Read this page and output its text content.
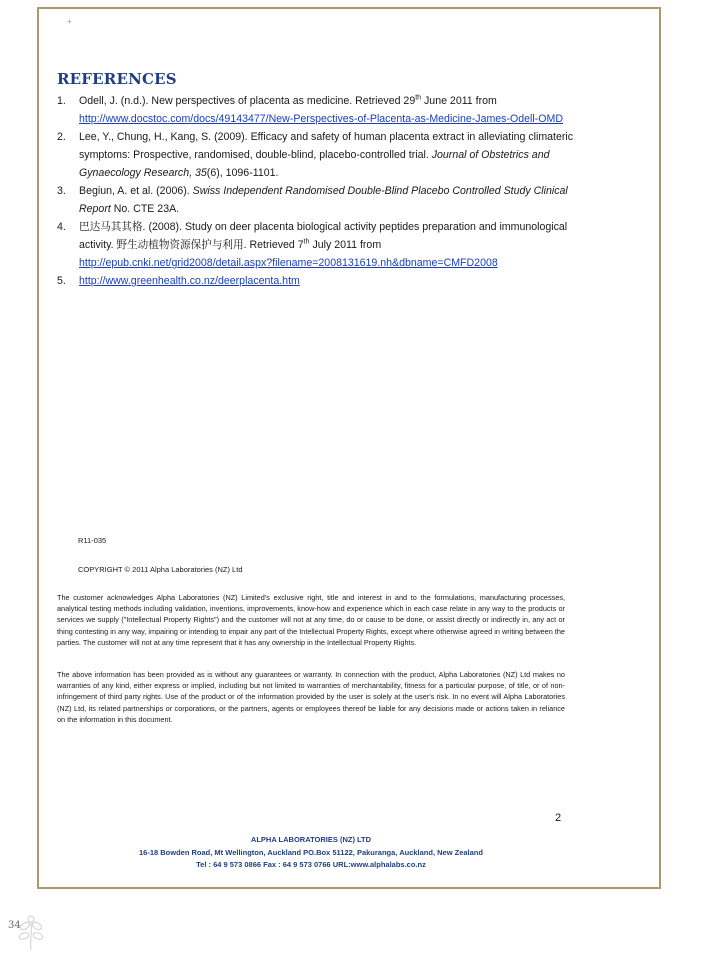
+
REFERENCES
1. Odell, J. (n.d.). New perspectives of placenta as medicine. Retrieved 29th June 2011 from
http://www.docstoc.com/docs/49143477/New-Perspectives-of-Placenta-as-Medicine-James-Odell-OMD
2. Lee, Y., Chung, H., Kang, S. (2009). Efficacy and safety of human placenta extract in alleviating climateric symptoms: Prospective, randomised, double-blind, placebo-controlled trial. Journal of Obstetrics and Gynaecology Research, 35(6), 1096-1101.
3. Begiun, A. et al. (2006). Swiss Independent Randomised Double-Blind Placebo Controlled Study Clinical Report No. CTE 23A.
4. 巴达马其其格. (2008). Study on deer placenta biological activity peptides preparation and immunological activity. 野生动植物资源保护与利用. Retrieved 7th July 2011 from
http://epub.cnki.net/grid2008/detail.aspx?filename=2008131619.nh&dbname=CMFD2008
5. http://www.greenhealth.co.nz/deerplacenta.htm
R11-035
COPYRIGHT © 2011 Alpha Laboratories (NZ) Ltd

The customer acknowledges Alpha Laboratories (NZ) Limited's exclusive right, title and interest in and to the formulations, manufacturing processes, analytical testing methods including validation, inventions, improvements, know-how and experience which in each case relate in any way to the products or services we supply ("Intellectual Property Rights") and the customer will not at any time, do or cause to be done, or assist directly or indirectly in, any act or thing contesting in any way, impairing or intending to impair any part of the Intellectual Property Rights, except where otherwise agreed in writing between the parties. The customer will not at any time represent that it has any ownership in the Intellectual Property Rights.

The above information has been provided as is without any guarantees or warranty. In connection with the product, Alpha Laboratories (NZ) Ltd makes no warranties of any kind, either express or implied, including but not limited to warranties of merchantability, fitness for a particular purpose, of title, or of non-infringement of third party rights. Use of the product or of the information provided by the user is solely at the user's risk. In no event will Alpha Laboratories (NZ) Ltd, its related partnerships or corporations, or the partners, agents or employees thereof be liable for any decisions made or actions taken in reliance on the information in this document.

2
ALPHA LABORATORIES (NZ) LTD
16-18 Bowden Road, Mt Wellington, Auckland PO.Box 51122, Pakuranga, Auckland, New Zealand
Tel : 64 9 573 0866 Fax : 64 9 573 0766 URL:www.alphalabs.co.nz
34
